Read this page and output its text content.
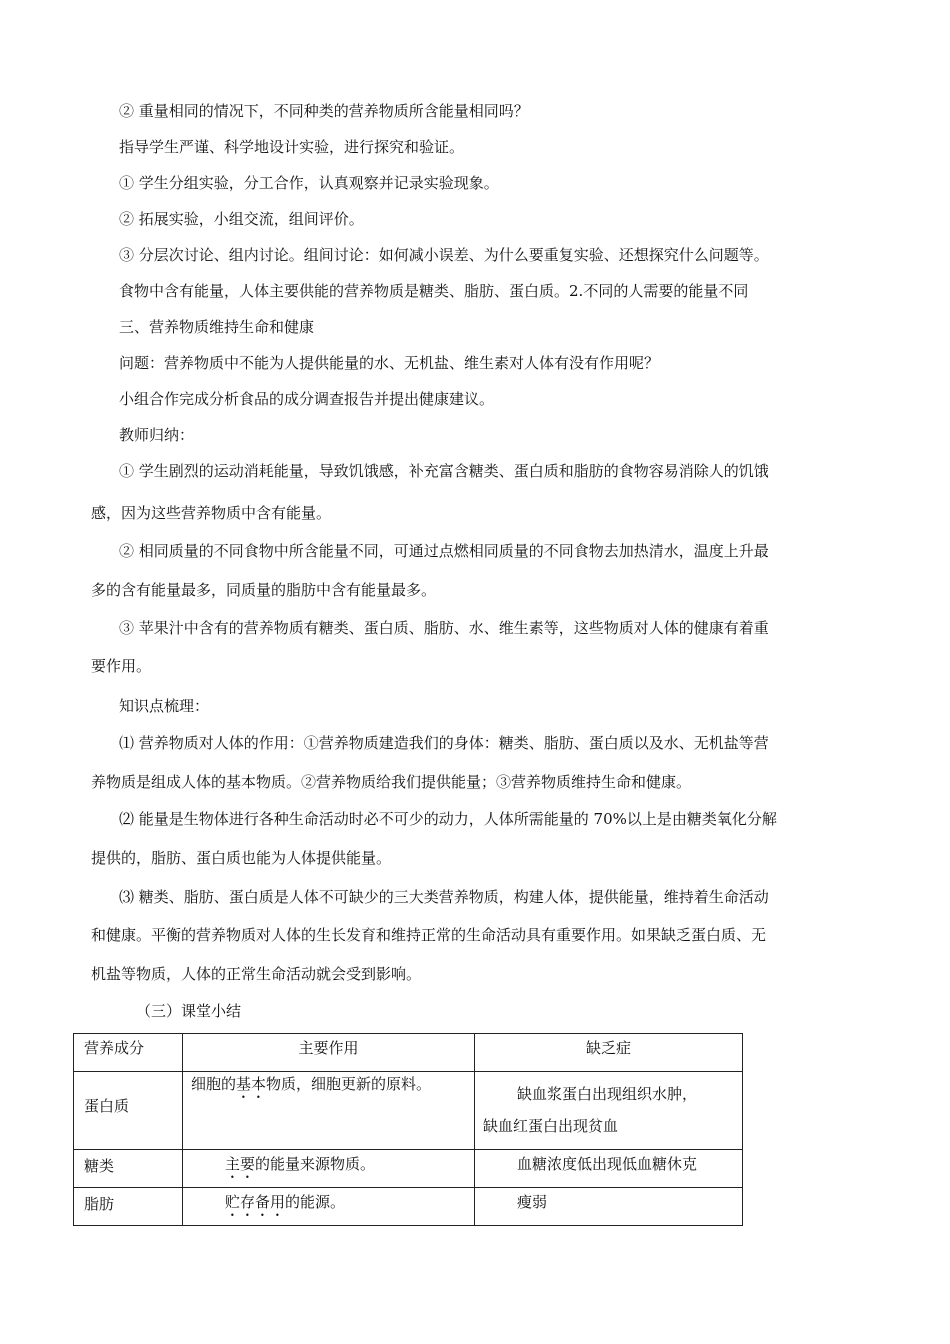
② 重量相同的情况下，不同种类的营养物质所含能量相同吗？
指导学生严谨、科学地设计实验，进行探究和验证。
① 学生分组实验，分工合作，认真观察并记录实验现象。
② 拓展实验，小组交流，组间评价。
③ 分层次讨论、组内讨论。组间讨论：如何减小误差、为什么要重复实验、还想探究什么问题等。
食物中含有能量，人体主要供能的营养物质是糖类、脂肪、蛋白质。2.不同的人需要的能量不同
三、营养物质维持生命和健康
问题：营养物质中不能为人提供能量的水、无机盐、维生素对人体有没有作用呢？
小组合作完成分析食品的成分调查报告并提出健康建议。
教师归纳：
① 学生剧烈的运动消耗能量，导致饥饿感，补充富含糖类、蛋白质和脂肪的食物容易消除人的饥饿
感，因为这些营养物质中含有能量。
② 相同质量的不同食物中所含能量不同，可通过点燃相同质量的不同食物去加热清水，温度上升最
多的含有能量最多，同质量的脂肪中含有能量最多。
③ 苹果汁中含有的营养物质有糖类、蛋白质、脂肪、水、维生素等，这些物质对人体的健康有着重
要作用。
知识点梳理：
⑴ 营养物质对人体的作用：①营养物质建造我们的身体：糖类、脂肪、蛋白质以及水、无机盐等营
养物质是组成人体的基本物质。②营养物质给我们提供能量；③营养物质维持生命和健康。
⑵ 能量是生物体进行各种生命活动时必不可少的动力，人体所需能量的 70%以上是由糖类氧化分解
提供的，脂肪、蛋白质也能为人体提供能量。
⑶ 糖类、脂肪、蛋白质是人体不可缺少的三大类营养物质，构建人体，提供能量，维持着生命活动
和健康。平衡的营养物质对人体的生长发育和维持正常的生命活动具有重要作用。如果缺乏蛋白质、无
机盐等物质，人体的正常生命活动就会受到影响。
（三）课堂小结
营养成分	主要作用	缺乏症

蛋白质	细胞的基本物质，细胞更新的原料。	缺血浆蛋白出现组织水肿，
缺血红蛋白出现贫血

糖类	主要的能量来源物质。	血糖浓度低出现低血糖休克

脂肪	贮存备用的能源。	瘦弱
